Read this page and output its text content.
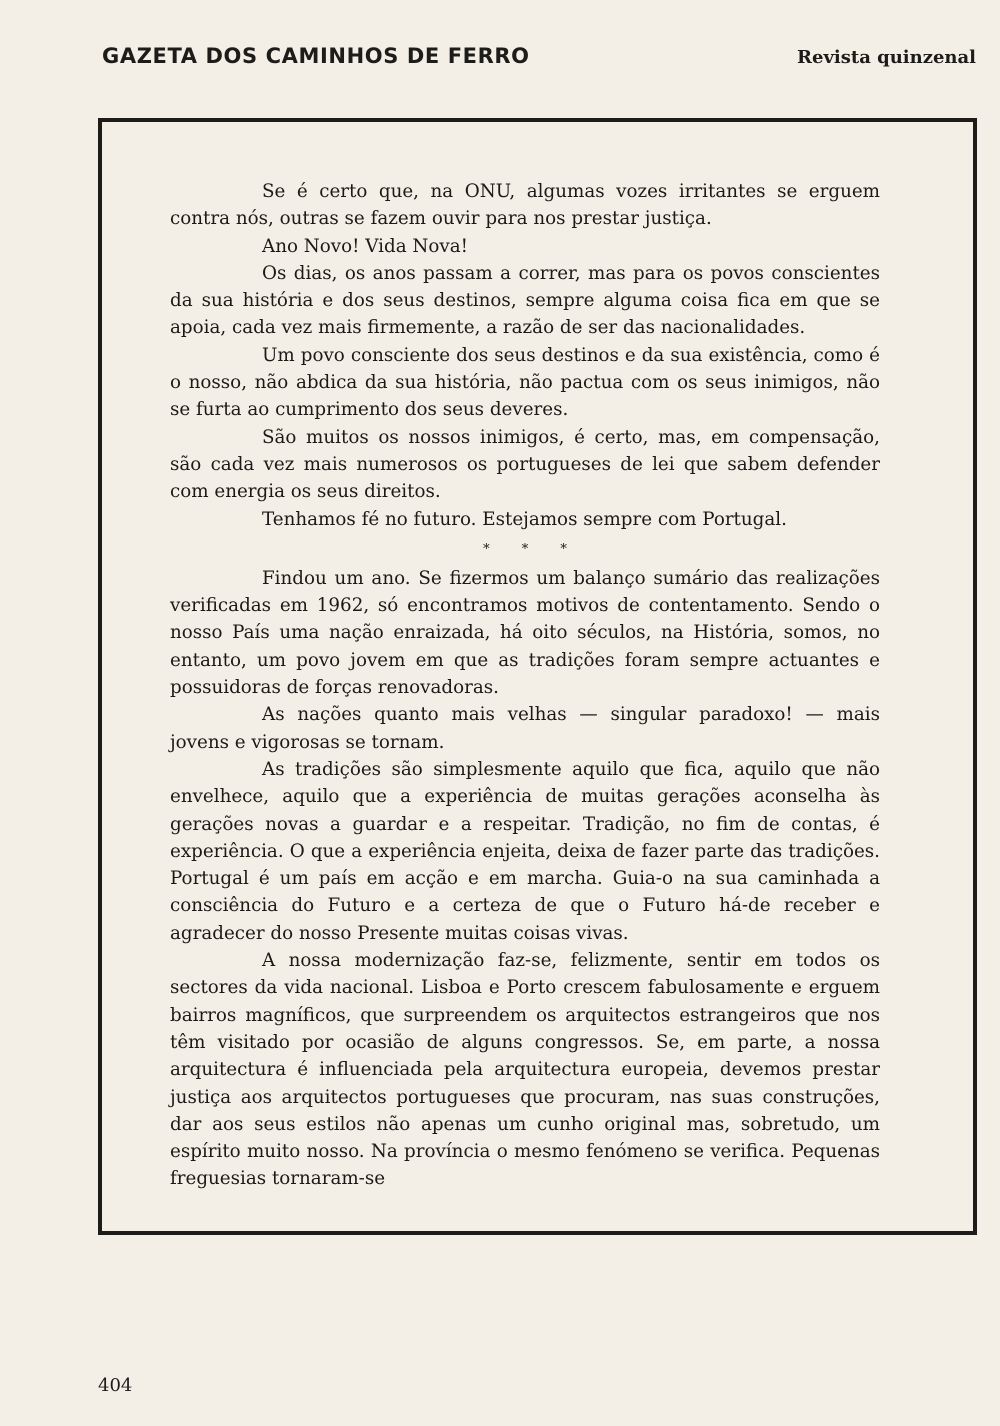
GAZETA DOS CAMINHOS DE FERRO	Revista quinzenal

Se é certo que, na ONU, algumas vozes irritantes se erguem contra nós, outras se fazem ouvir para nos prestar justiça.

Ano Novo! Vida Nova!

Os dias, os anos passam a correr, mas para os povos conscientes da sua história e dos seus destinos, sempre alguma coisa fica em que se apoia, cada vez mais firmemente, a razão de ser das nacionalidades.

Um povo consciente dos seus destinos e da sua existência, como é o nosso, não abdica da sua história, não pactua com os seus inimigos, não se furta ao cumprimento dos seus deveres.

São muitos os nossos inimigos, é certo, mas, em compensação, são cada vez mais numerosos os portugueses de lei que sabem defender com energia os seus direitos.

Tenhamos fé no futuro. Estejamos sempre com Portugal.

* * *

Findou um ano. Se fizermos um balanço sumário das realizações verificadas em 1962, só encontramos motivos de contentamento. Sendo o nosso País uma nação enraizada, há oito séculos, na História, somos, no entanto, um povo jovem em que as tradições foram sempre actuantes e possuidoras de forças renovadoras.

As nações quanto mais velhas — singular paradoxo! — mais jovens e vigorosas se tornam.

As tradições são simplesmente aquilo que fica, aquilo que não envelhece, aquilo que a experiência de muitas gerações aconselha às gerações novas a guardar e a respeitar. Tradição, no fim de contas, é experiência. O que a experiência enjeita, deixa de fazer parte das tradições. Portugal é um país em acção e em marcha. Guia-o na sua caminhada a consciência do Futuro e a certeza de que o Futuro há-de receber e agradecer do nosso Presente muitas coisas vivas.

A nossa modernização faz-se, felizmente, sentir em todos os sectores da vida nacional. Lisboa e Porto crescem fabulosamente e erguem bairros magníficos, que surpreendem os arquitectos estrangeiros que nos têm visitado por ocasião de alguns congressos. Se, em parte, a nossa arquitectura é influenciada pela arquitectura europeia, devemos prestar justiça aos arquitectos portugueses que procuram, nas suas construções, dar aos seus estilos não apenas um cunho original mas, sobretudo, um espírito muito nosso. Na província o mesmo fenómeno se verifica. Pequenas freguesias tornaram-se

404
